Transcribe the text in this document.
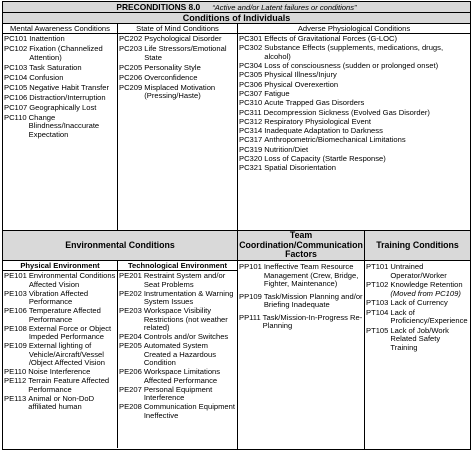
PRECONDITIONS 8.0 “Active and/or Latent failures or conditions”
Conditions of Individuals
Mental Awareness Conditions
PC101 Inattention
PC102 Fixation (Channelized Attention)
PC103 Task Saturation
PC104 Confusion
PC105 Negative Habit Transfer
PC106 Distraction/Interruption
PC107 Geographically Lost
PC110 Change Blindness/Inaccurate Expectation
State of Mind Conditions
PC202 Psychological Disorder
PC203 Life Stressors/Emotional State
PC205 Personality Style
PC206 Overconfidence
PC209 Misplaced Motivation (Pressing/Haste)
Adverse Physiological Conditions
PC301 Effects of Gravitational Forces (G-LOC)
PC302 Substance Effects (supplements, medications, drugs, alcohol)
PC304 Loss of consciousness (sudden or prolonged onset)
PC305 Physical Illness/Injury
PC306 Physical Overexertion
PC307 Fatigue
PC310 Acute Trapped Gas Disorders
PC311 Decompression Sickness (Evolved Gas Disorder)
PC312 Respiratory Physiological Event
PC314 Inadequate Adaptation to Darkness
PC317 Anthropometric/Biomechanical Limitations
PC319 Nutrition/Diet
PC320 Loss of Capacity (Startle Response)
PC321 Spatial Disorientation
Environmental Conditions
Physical Environment
PE101 Environmental Conditions Affected Vision
PE103 Vibration Affected Performance
PE106 Temperature Affected Performance
PE108 External Force or Object Impeded Performance
PE109 External lighting of Vehicle/Aircraft/Vessel /Object Affected Vision
PE110 Noise Interference
PE112 Terrain Feature Affected Performance
PE113 Animal or Non-DoD affiliated human
Technological Environment
PE201 Restraint System and/or Seat Problems
PE202 Instrumentation & Warning System Issues
PE203 Workspace Visibility Restrictions (not weather related)
PE204 Controls and/or Switches
PE205 Automated System Created a Hazardous Condition
PE206 Workspace Limitations Affected Performance
PE207 Personal Equipment Interference
PE208 Communication Equipment Ineffective
Team Coordination/Communication Factors
PP101 Ineffective Team Resource Management (Crew, Bridge, Fighter, Maintenance)
PP109 Task/Mission Planning and/or Briefing Inadequate
PP111 Task/Mission-In-Progress Re-Planning
Training Conditions
PT101 Untrained Operator/Worker
PT102 Knowledge Retention (Moved from PC109)
PT103 Lack of Currency
PT104 Lack of Proficiency/Experience
PT105 Lack of Job/Work Related Safety Training
